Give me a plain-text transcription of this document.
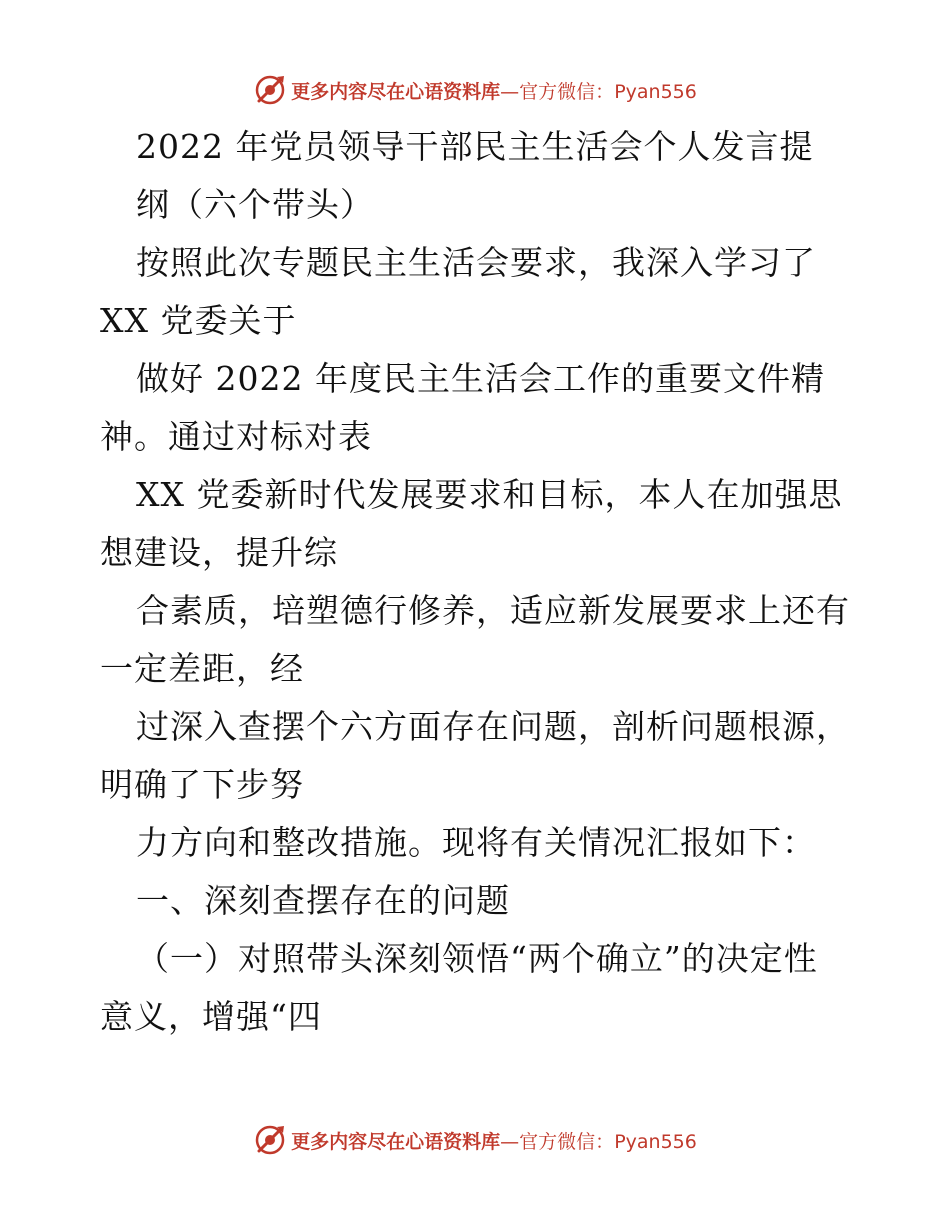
更多内容尽在心语资料库—官方微信：Pyan556
2022 年党员领导干部民主生活会个人发言提
纲（六个带头）
按照此次专题民主生活会要求，我深入学习了
XX 党委关于
做好 2022 年度民主生活会工作的重要文件精
神。通过对标对表
XX 党委新时代发展要求和目标，本人在加强思
想建设，提升综
合素质，培塑德行修养，适应新发展要求上还有
一定差距，经
过深入查摆个六方面存在问题，剖析问题根源，
明确了下步努
力方向和整改措施。现将有关情况汇报如下：
一、深刻查摆存在的问题
（一）对照带头深刻领悟“两个确立”的决定性
意义，增强“四
更多内容尽在心语资料库—官方微信：Pyan556
